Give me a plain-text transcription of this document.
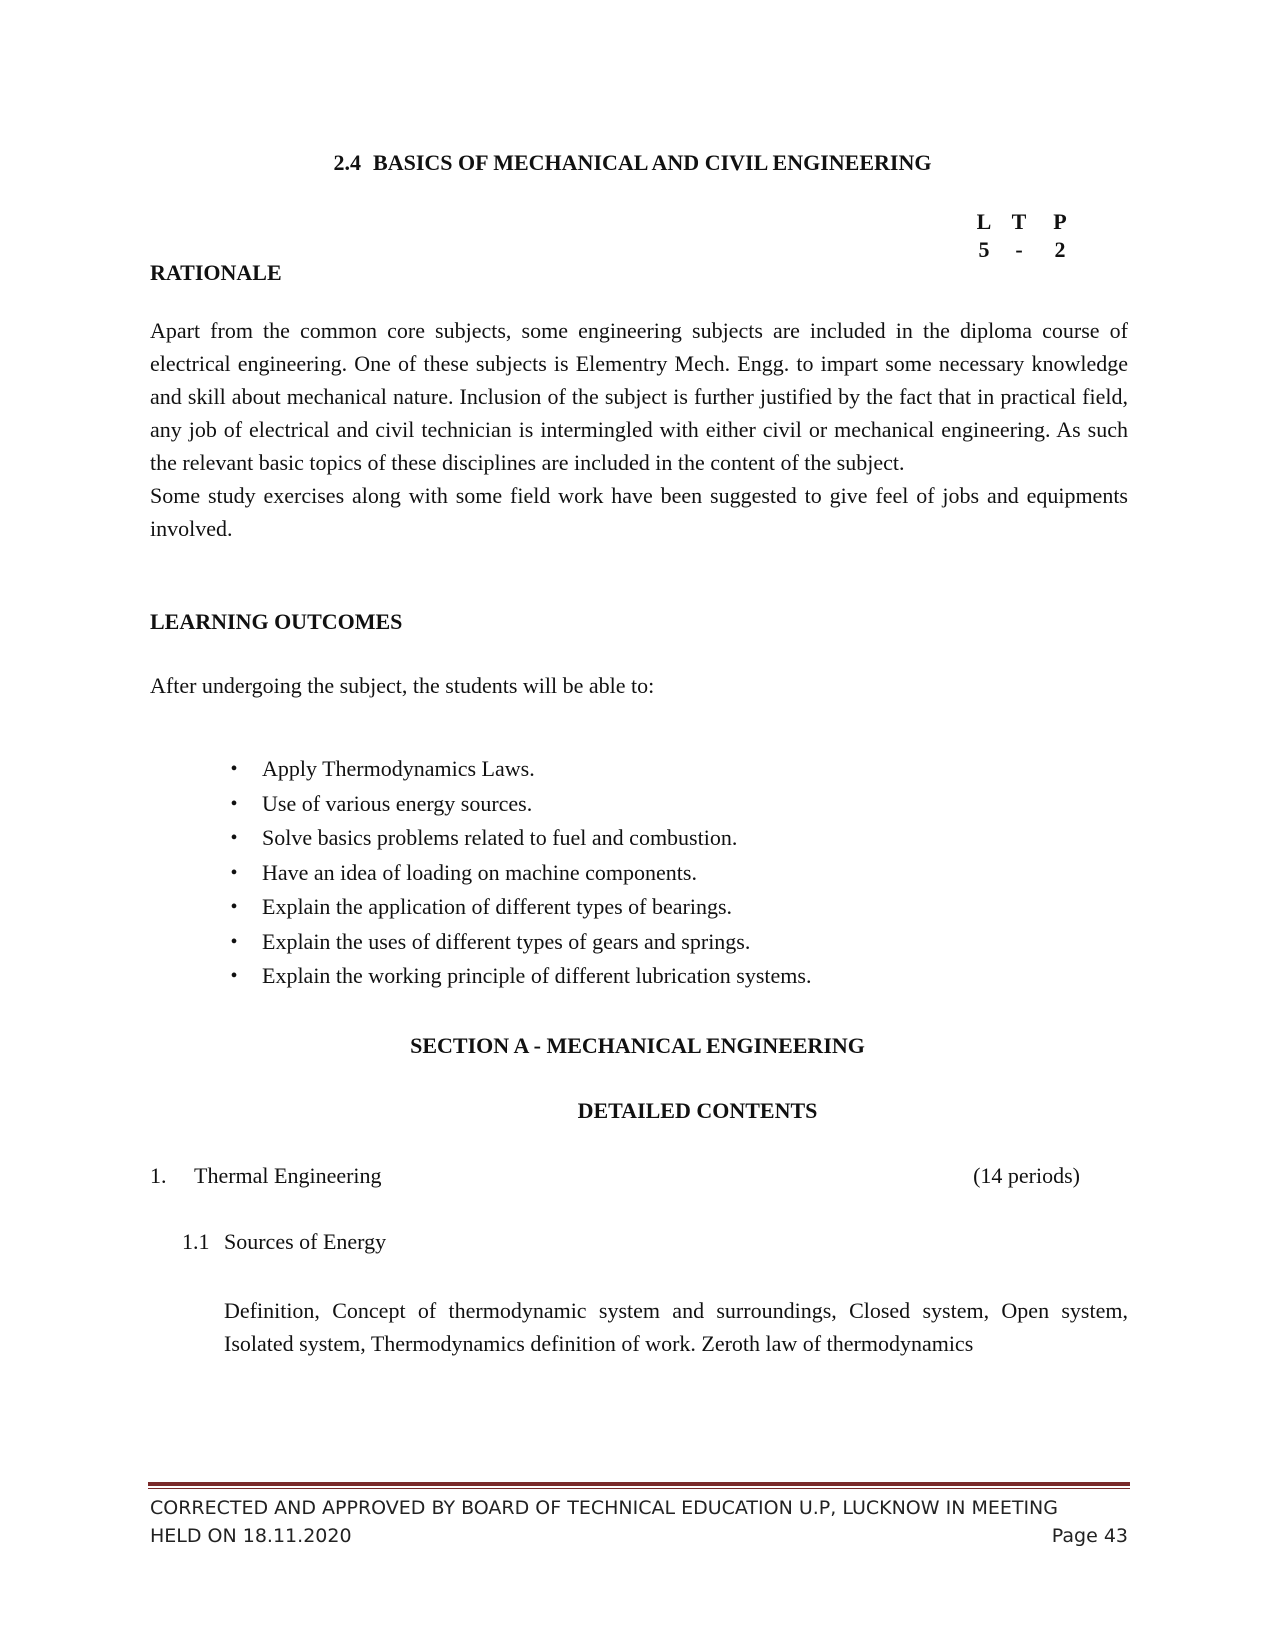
2.4 BASICS OF MECHANICAL AND CIVIL ENGINEERING
L T	P
5	-	2
RATIONALE

Apart from the common core subjects, some engineering subjects are included in the diploma course of electrical engineering. One of these subjects is Elementry Mech. Engg. to impart some necessary knowledge and skill about mechanical nature. Inclusion of the subject is further justified by the fact that in practical field, any job of electrical and civil technician is intermingled with either civil or mechanical engineering. As such the relevant basic topics of these disciplines are included in the content of the subject.

Some study exercises along with some field work have been suggested to give feel of jobs and equipments involved.

LEARNING OUTCOMES
After undergoing the subject, the students will be able to:
• Apply Thermodynamics Laws.
• Use of various energy sources.
• Solve basics problems related to fuel and combustion.
• Have an idea of loading on machine components.
• Explain the application of different types of bearings.
• Explain the uses of different types of gears and springs.
• Explain the working principle of different lubrication systems.
SECTION A - MECHANICAL ENGINEERING
DETAILED CONTENTS
1. Thermal Engineering	(14 periods)
1.1 Sources of Energy
Definition, Concept of thermodynamic system and surroundings, Closed system, Open system, Isolated system, Thermodynamics definition of work. Zeroth law of thermodynamics
CORRECTED AND APPROVED BY BOARD OF TECHNICAL EDUCATION U.P, LUCKNOW IN MEETING
HELD ON 18.11.2020	Page 43
